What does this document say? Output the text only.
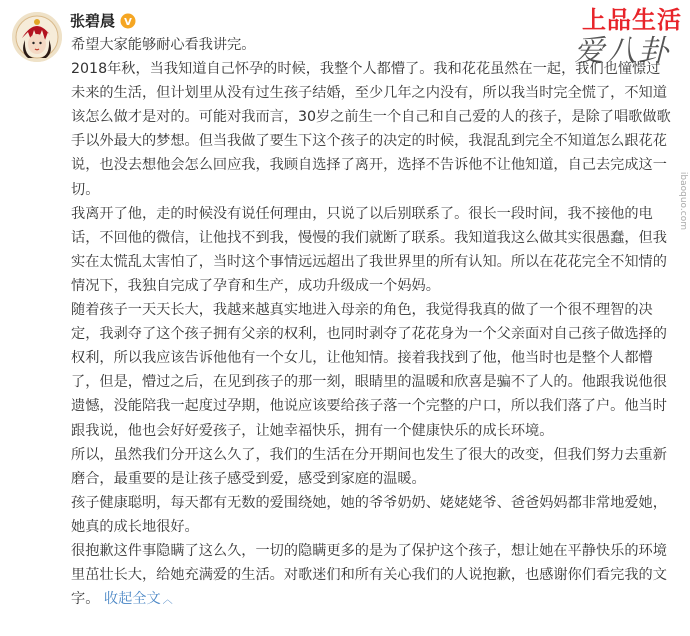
张碧晨 V	上品生活
爱八卦
ibaoquo.com

希望大家能够耐心看我讲完。

2018年秋，当我知道自己怀孕的时候，我整个人都懵了。我和花花虽然在一起，我们也憧憬过未来的生活，但计划里从没有过生孩子结婚，至少几年之内没有，所以我当时完全慌了，不知道该怎么做才是对的。可能对我而言，30岁之前生一个自己和自己爱的人的孩子，是除了唱歌做歌手以外最大的梦想。但当我做了要生下这个孩子的决定的时候，我混乱到完全不知道怎么跟花花说，也没去想他会怎么回应我，我顾自选择了离开，选择不告诉他不让他知道，自己去完成这一切。

我离开了他，走的时候没有说任何理由，只说了以后别联系了。很长一段时间，我不接他的电话，不回他的微信，让他找不到我，慢慢的我们就断了联系。我知道我这么做其实很愚蠢，但我实在太慌乱太害怕了，当时这个事情远远超出了我世界里的所有认知。所以在花花完全不知情的情况下，我独自完成了孕育和生产，成功升级成一个妈妈。

随着孩子一天天长大，我越来越真实地进入母亲的角色，我觉得我真的做了一个很不理智的决定，我剥夺了这个孩子拥有父亲的权利，也同时剥夺了花花身为一个父亲面对自己孩子做选择的权利，所以我应该告诉他他有一个女儿，让他知情。接着我找到了他，他当时也是整个人都懵了，但是，懵过之后，在见到孩子的那一刻，眼睛里的温暖和欣喜是骗不了人的。他跟我说他很遗憾，没能陪我一起度过孕期，他说应该要给孩子落一个完整的户口，所以我们落了户。他当时跟我说，他也会好好爱孩子，让她幸福快乐，拥有一个健康快乐的成长环境。

所以，虽然我们分开这么久了，我们的生活在分开期间也发生了很大的改变，但我们努力去重新磨合，最重要的是让孩子感受到爱，感受到家庭的温暖。

孩子健康聪明，每天都有无数的爱围绕她，她的爷爷奶奶、姥姥姥爷、爸爸妈妈都非常地爱她，她真的成长地很好。

很抱歉这件事隐瞒了这么久，一切的隐瞒更多的是为了保护这个孩子，想让她在平静快乐的环境里茁壮长大，给她充满爱的生活。对歌迷们和所有关心我们的人说抱歉，也感谢你们看完我的文字。 收起全文 ︿
